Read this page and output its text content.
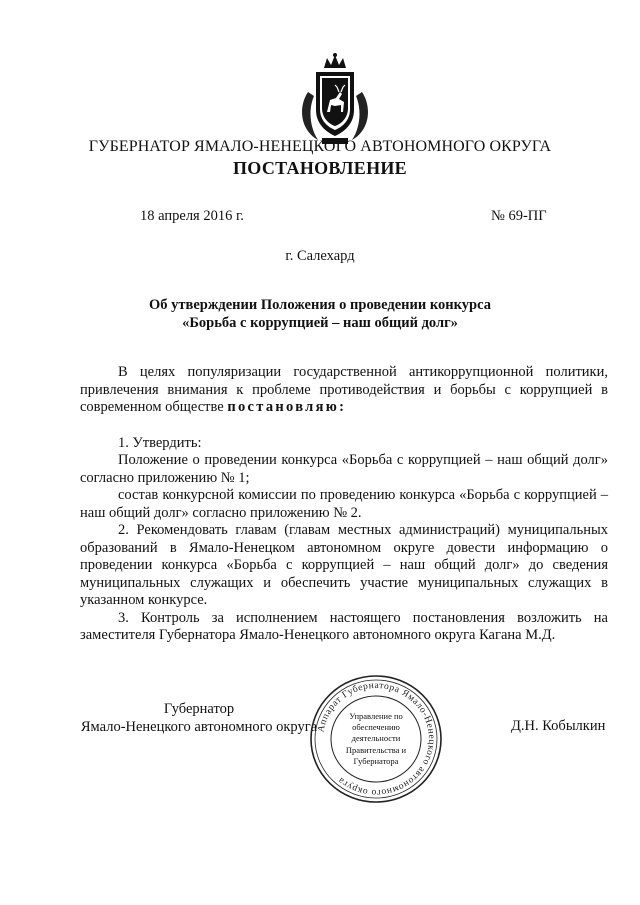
ГУБЕРНАТОР ЯМАЛО-НЕНЕЦКОГО АВТОНОМНОГО ОКРУГА
ПОСТАНОВЛЕНИЕ
18 апреля 2016 г.	№ 69-ПГ
г. Салехард
Об утверждении Положения о проведении конкурса
«Борьба с коррупцией – наш общий долг»

В целях популяризации государственной антикоррупционной политики, привлечения внимания к проблеме противодействия и борьбы с коррупцией в современном обществе постановляю:

1. Утвердить:

Положение о проведении конкурса «Борьба с коррупцией – наш общий долг» согласно приложению № 1;

состав конкурсной комиссии по проведению конкурса «Борьба с коррупцией – наш общий долг» согласно приложению № 2.

2. Рекомендовать главам (главам местных администраций) муниципальных образований в Ямало-Ненецком автономном округе довести информацию о проведении конкурса «Борьба с коррупцией – наш общий долг» до сведения муниципальных служащих и обеспечить участие муниципальных служащих в указанном конкурсе.

3. Контроль за исполнением настоящего постановления возложить на заместителя Губернатора Ямало-Ненецкого автономного округа Кагана М.Д.

Губернатор
Ямало-Ненецкого автономного округа	Д.Н. Кобылкин
Аппарат Губернатора Ямало-Ненецкого автономного округа
Управление по обеспечению деятельности Правительства и Губернатора
